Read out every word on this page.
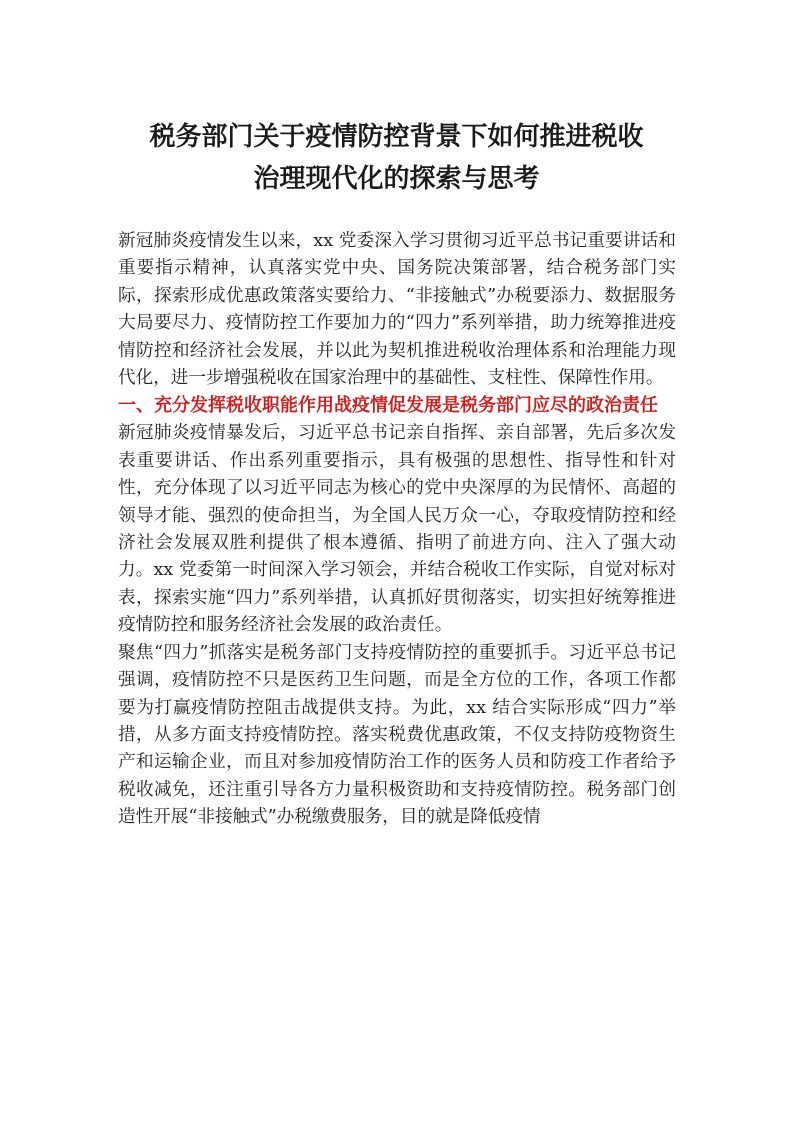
税务部门关于疫情防控背景下如何推进税收
治理现代化的探索与思考

新冠肺炎疫情发生以来，xx 党委深入学习贯彻习近平总书记重要讲话和重要指示精神，认真落实党中央、国务院决策部署，结合税务部门实际，探索形成优惠政策落实要给力、“非接触式”办税要添力、数据服务大局要尽力、疫情防控工作要加力的“四力”系列举措，助力统筹推进疫情防控和经济社会发展，并以此为契机推进税收治理体系和治理能力现代化，进一步增强税收在国家治理中的基础性、支柱性、保障性作用。

一、充分发挥税收职能作用战疫情促发展是税务部门应尽的政治责任

新冠肺炎疫情暴发后，习近平总书记亲自指挥、亲自部署，先后多次发表重要讲话、作出系列重要指示，具有极强的思想性、指导性和针对性，充分体现了以习近平同志为核心的党中央深厚的为民情怀、高超的领导才能、强烈的使命担当，为全国人民万众一心，夺取疫情防控和经济社会发展双胜利提供了根本遵循、指明了前进方向、注入了强大动力。xx 党委第一时间深入学习领会，并结合税收工作实际，自觉对标对表，探索实施“四力”系列举措，认真抓好贯彻落实，切实担好统筹推进疫情防控和服务经济社会发展的政治责任。

聚焦“四力”抓落实是税务部门支持疫情防控的重要抓手。习近平总书记强调，疫情防控不只是医药卫生问题，而是全方位的工作，各项工作都要为打赢疫情防控阻击战提供支持。为此，xx 结合实际形成“四力”举措，从多方面支持疫情防控。落实税费优惠政策，不仅支持防疫物资生产和运输企业，而且对参加疫情防治工作的医务人员和防疫工作者给予税收减免，还注重引导各方力量积极资助和支持疫情防控。税务部门创造性开展“非接触式”办税缴费服务，目的就是降低疫情
